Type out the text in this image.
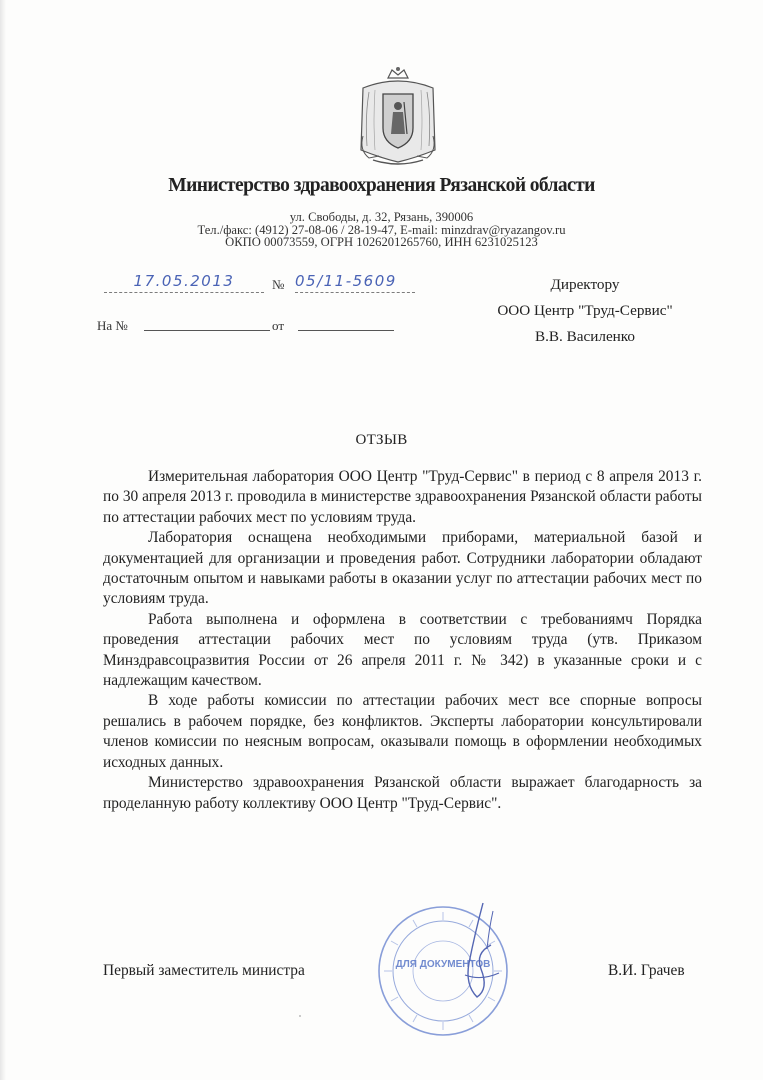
Министерство здравоохранения Рязанской области
ул. Свободы, д. 32, Рязань, 390006
Тел./факс: (4912) 27-08-06 / 28-19-47, E-mail: minzdrav@ryazangov.ru
ОКПО 00073559, ОГРН 1026201265760, ИНН 6231025123
17.05.2013	№ 05/11-5609
На №	от
Директору
ООО Центр "Труд-Сервис"
В.В. Василенко
ОТЗЫВ

Измерительная лаборатория ООО Центр "Труд-Сервис" в период с 8 апреля 2013 г. по 30 апреля 2013 г. проводила в министерстве здравоохранения Рязанской области работы по аттестации рабочих мест по условиям труда.

Лаборатория оснащена необходимыми приборами, материальной базой и документацией для организации и проведения работ. Сотрудники лаборатории обладают достаточным опытом и навыками работы в оказании услуг по аттестации рабочих мест по условиям труда.

Работа выполнена и оформлена в соответствии с требованиямч Порядка проведения аттестации рабочих мест по условиям труда (утв. Приказом Минздравсоцразвития России от 26 апреля 2011 г. № 342) в указанные сроки и с надлежащим качеством.

В ходе работы комиссии по аттестации рабочих мест все спорные вопросы решались в рабочем порядке, без конфликтов. Эксперты лаборатории консультировали членов комиссии по неясным вопросам, оказывали помощь в оформлении необходимых исходных данных.

Министерство здравоохранения Рязанской области выражает благодарность за проделанную работу коллективу ООО Центр "Труд-Сервис".

ДЛЯ ДОКУМЕНТОВ
Первый заместитель министра	В.И. Грачев
